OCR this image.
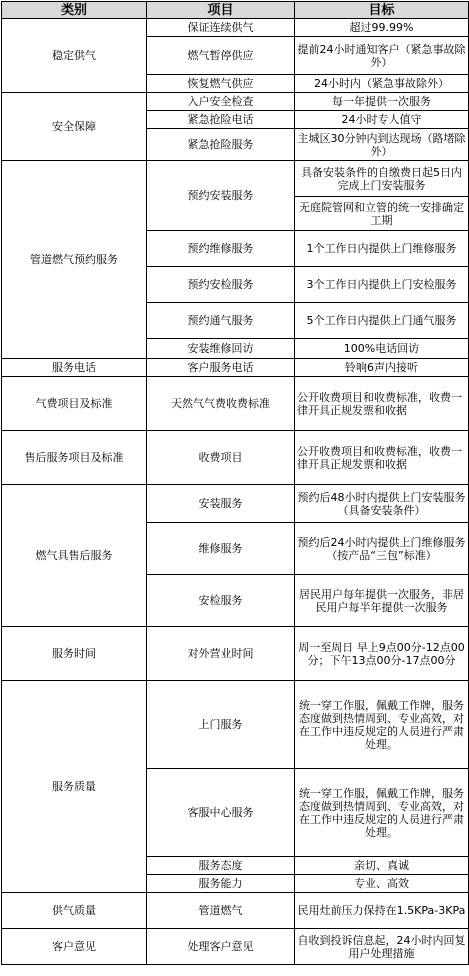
类别	项目	目标
稳定供气	保证连续供气	超过99.99%
	燃气暂停供应	提前24小时通知客户（紧急事故除外）
	恢复燃气供应	24小时内（紧急事故除外）
安全保障	入户安全检查	每一年提供一次服务
	紧急抢险电话	24小时专人值守
	紧急抢险服务	主城区30分钟内到达现场（路堵除外）
管道燃气预约服务	预约安装服务	具备安装条件的自缴费日起5日内完成上门安装服务
		无庭院管网和立管的统一安排确定工期
	预约维修服务	1个工作日内提供上门维修服务
	预约安检服务	3个工作日内提供上门安检服务
	预约通气服务	5个工作日内提供上门通气服务
	安装维修回访	100%电话回访
服务电话	客户服务电话	铃响6声内接听
气费项目及标准	天然气气费收费标准	公开收费项目和收费标准，收费一律开具正规发票和收据
售后服务项目及标准	收费项目	公开收费项目和收费标准，收费一律开具正规发票和收据
燃气具售后服务	安装服务	预约后48小时内提供上门安装服务（具备安装条件）
	维修服务	预约后24小时内提供上门维修服务（按产品“三包”标准）
	安检服务	居民用户每年提供一次服务，非居民用户每半年提供一次服务
服务时间	对外营业时间	周一至周日 早上9点00分-12点00分；下午13点00分-17点00分
服务质量	上门服务	统一穿工作服，佩戴工作牌，服务态度做到热情周到、专业高效，对在工作中违反规定的人员进行严肃处理。
	客服中心服务	统一穿工作服，佩戴工作牌，服务态度做到热情周到、专业高效，对在工作中违反规定的人员进行严肃处理。
	服务态度	亲切、真诚
	服务能力	专业、高效
供气质量	管道燃气	民用灶前压力保持在1.5KPa-3KPa
客户意见	处理客户意见	自收到投诉信息起，24小时内回复用户处理措施
